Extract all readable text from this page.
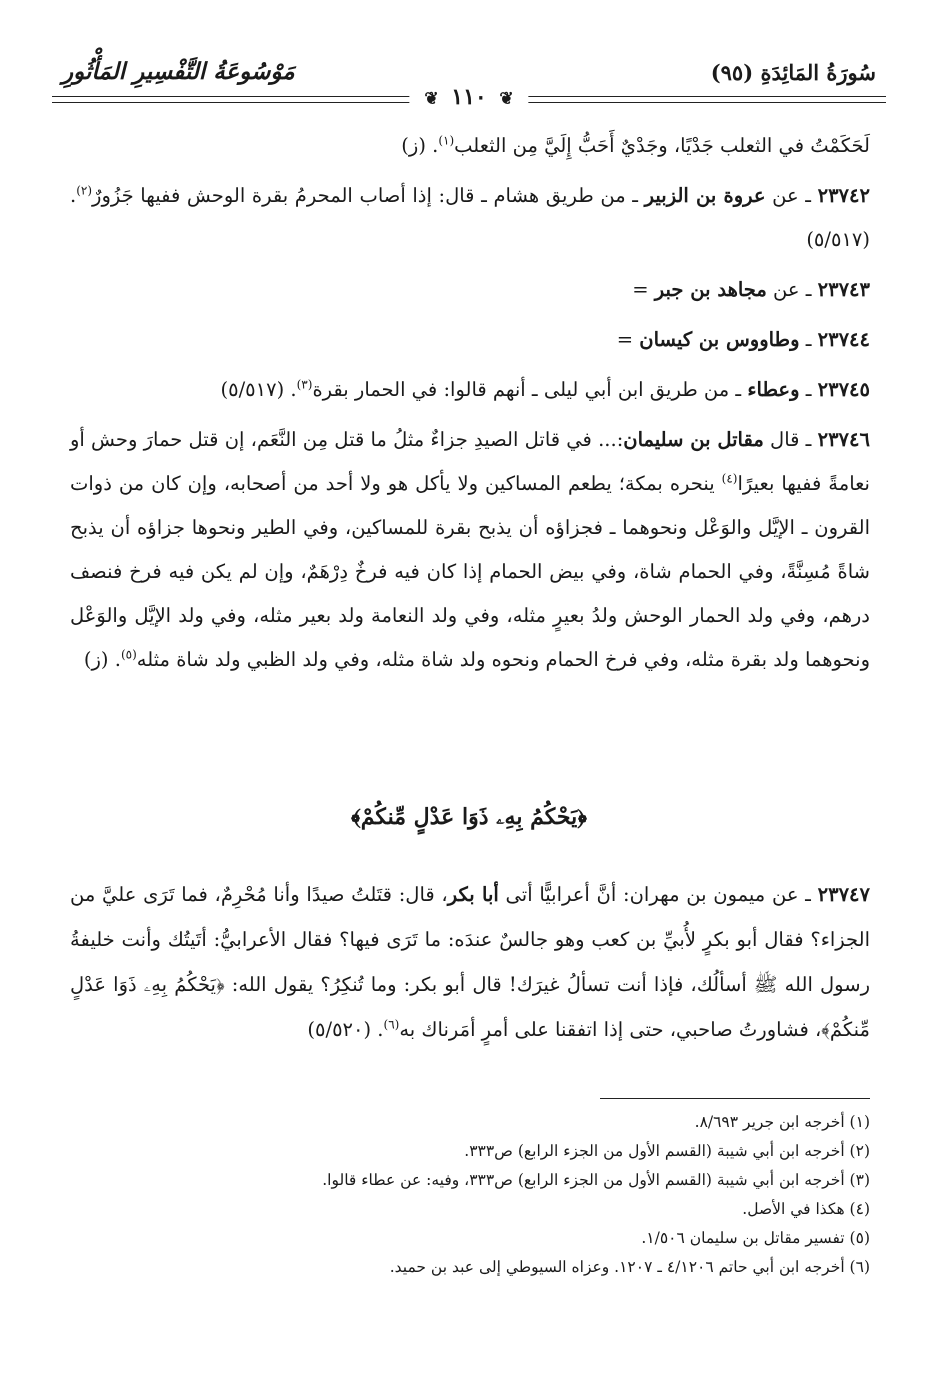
سُورَةُ المَائِدَةِ (٩٥)
مَوْسُوعَةُ التَّفْسِيرِ المَأْثُورِ
❦ ١١٠ ❦

لَحَكَمْتُ في الثعلب جَدْيًا، وجَدْيٌ أَحَبُّ إِلَيَّ مِن الثعلب$^{(١)}$. (ز)

٢٣٧٤٢ ـ عن عروة بن الزبير ـ من طريق هشام ـ قال: إذا أصاب المحرمُ بقرة الوحش ففيها جَزُورٌ$^{(٢)}$. (٥/٥١٧)

٢٣٧٤٣ ـ عن مجاهد بن جبر =

٢٣٧٤٤ ـ وطاووس بن كيسان =

٢٣٧٤٥ ـ وعطاء ـ من طريق ابن أبي ليلى ـ أنهم قالوا: في الحمار بقرة$^{(٣)}$. (٥/٥١٧)

٢٣٧٤٦ ـ قال مقاتل بن سليمان:... في قاتل الصيدِ جزاءٌ مثلُ ما قتل مِن النَّعَم، إن قتل حمارَ وحش أو نعامةً ففيها بعيرًا$^{(٤)}$ ينحره بمكة؛ يطعم المساكين ولا يأكل هو ولا أحد من أصحابه، وإن كان من ذوات القرون ـ الإيَّل والوَعْل ونحوهما ـ فجزاؤه أن يذبح بقرة للمساكين، وفي الطير ونحوها جزاؤه أن يذبح شاةً مُسِنَّةً، وفي الحمام شاة، وفي بيض الحمام إذا كان فيه فرخٌ دِرْهَمٌ، وإن لم يكن فيه فرخ فنصف درهم، وفي ولد الحمار الوحش ولدُ بعيرٍ مثله، وفي ولد النعامة ولد بعير مثله، وفي ولد الإيَّل والوَعْل ونحوهما ولد بقرة مثله، وفي فرخ الحمام ونحوه ولد شاة مثله، وفي ولد الظبي ولد شاة مثله$^{(٥)}$. (ز)

﴿يَحْكُمُ بِهِۦ ذَوَا عَدْلٍ مِّنكُمْ﴾

٢٣٧٤٧ ـ عن ميمون بن مهران: أنَّ أعرابيًّا أتى أبا بكر، قال: قتَلتُ صيدًا وأنا مُحْرِمٌ، فما تَرَى عليَّ من الجزاء؟ فقال أبو بكرٍ لأُبيِّ بن كعب وهو جالسٌ عندَه: ما تَرَى فيها؟ فقال الأعرابيُّ: أتَيتُك وأنت خليفةُ رسول الله ﷺ أسألُك، فإذا أنت تسألُ غيرَك! قال أبو بكر: وما تُنكِرُ؟ يقول الله: ﴿يَحْكُمُ بِهِۦ ذَوَا عَدْلٍ مِّنكُمْ﴾، فشاورتُ صاحبي، حتى إذا اتفقنا على أمرٍ أمَرناك به$^{(٦)}$. (٥/٥٢٠)

(١) أخرجه ابن جرير ٨/٦٩٣.

(٢) أخرجه ابن أبي شيبة (القسم الأول من الجزء الرابع) ص٣٣٣.

(٣) أخرجه ابن أبي شيبة (القسم الأول من الجزء الرابع) ص٣٣٣، وفيه: عن عطاء قالوا.

(٤) هكذا في الأصل.

(٥) تفسير مقاتل بن سليمان ١/٥٠٦.

(٦) أخرجه ابن أبي حاتم ٤/١٢٠٦ ـ ١٢٠٧. وعزاه السيوطي إلى عبد بن حميد.
